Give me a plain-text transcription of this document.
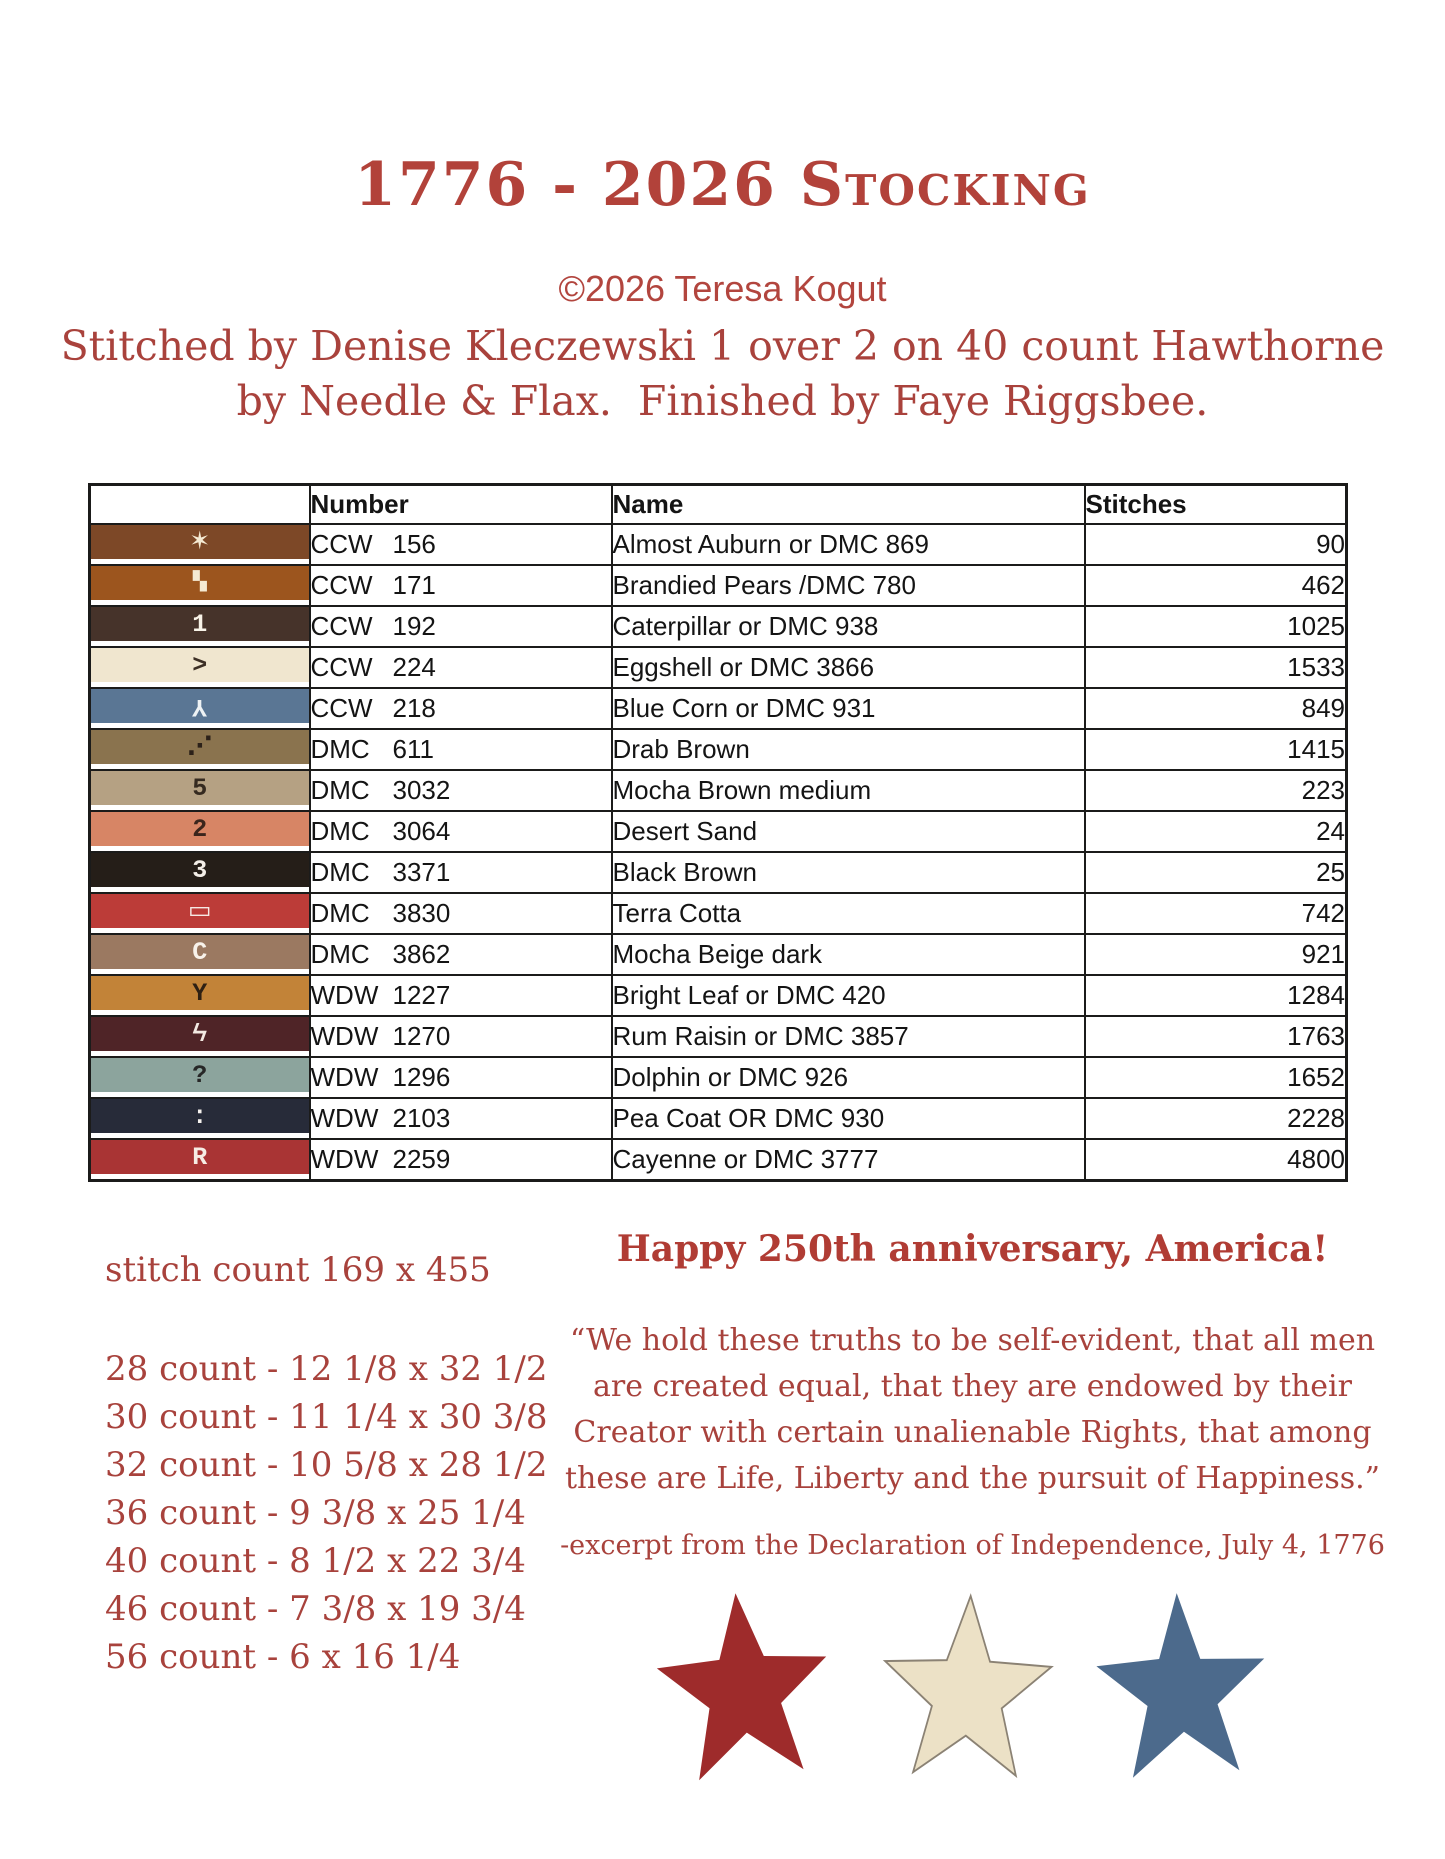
1776 - 2026 Stocking
©2026 Teresa Kogut
Stitched by Denise Kleczewski 1 over 2 on 40 count Hawthorne
by Needle & Flax.  Finished by Faye Riggsbee.
	Number	Name	Stitches

✶	CCW 156	Almost Auburn or DMC 869	90

▚	CCW 171	Brandied Pears /DMC 780	462

1	CCW 192	Caterpillar or DMC 938	1025

>	CCW 224	Eggshell or DMC 3866	1533

Y	CCW 218	Blue Corn or DMC 931	849

⋰	DMC 611	Drab Brown	1415

5	DMC 3032	Mocha Brown medium	223

2	DMC 3064	Desert Sand	24

3	DMC 3371	Black Brown	25

▭	DMC 3830	Terra Cotta	742

C	DMC 3862	Mocha Beige dark	921

Y	WDW 1227	Bright Leaf or DMC 420	1284

ϟ	WDW 1270	Rum Raisin or DMC 3857	1763

?	WDW 1296	Dolphin or DMC 926	1652

:	WDW 2103	Pea Coat OR DMC 930	2228

R	WDW 2259	Cayenne or DMC 3777	4800
stitch count 169 x 455
28 count - 12 1/8 x 32 1/2
30 count - 11 1/4 x 30 3/8
32 count - 10 5/8 x 28 1/2
36 count - 9 3/8 x 25 1/4
40 count - 8 1/2 x 22 3/4
46 count - 7 3/8 x 19 3/4
56 count - 6 x 16 1/4
Happy 250th anniversary, America!
“We hold these truths to be self-evident, that all men
are created equal, that they are endowed by their
Creator with certain unalienable Rights, that among
these are Life, Liberty and the pursuit of Happiness.”
-excerpt from the Declaration of Independence, July 4, 1776
